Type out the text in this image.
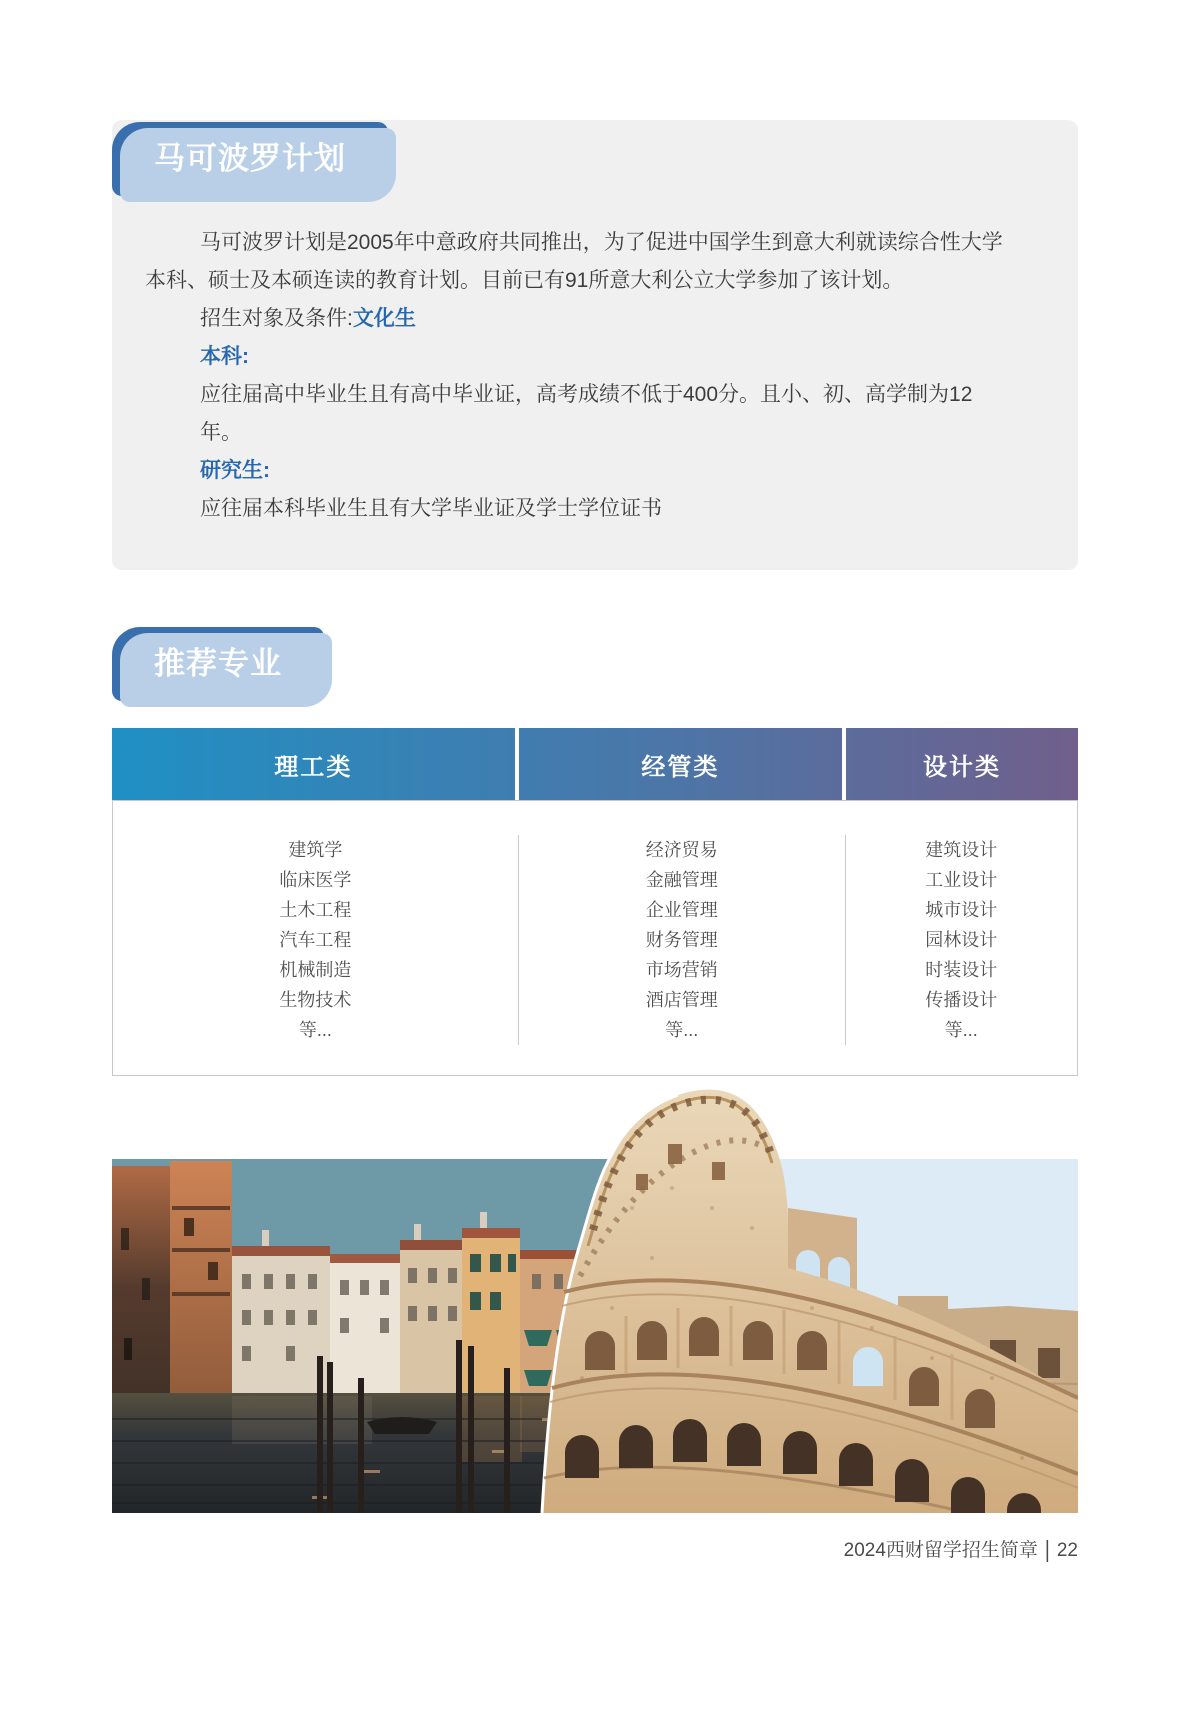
马可波罗计划

马可波罗计划是2005年中意政府共同推出，为了促进中国学生到意大利就读综合性大学本科、硕士及本硕连读的教育计划。目前已有91所意大利公立大学参加了该计划。

招生对象及条件:文化生

本科:

应往届高中毕业生且有高中毕业证，高考成绩不低于400分。且小、初、高学制为12年。

研究生:

应往届本科毕业生且有大学毕业证及学士学位证书

推荐专业
理工类	经管类	设计类
建筑学
临床医学
土木工程
汽车工程
机械制造
生物技术
等...
经济贸易
金融管理
企业管理
财务管理
市场营销
酒店管理
等...
建筑设计
工业设计
城市设计
园林设计
时装设计
传播设计
等...
2024西财留学招生简章 | 22
